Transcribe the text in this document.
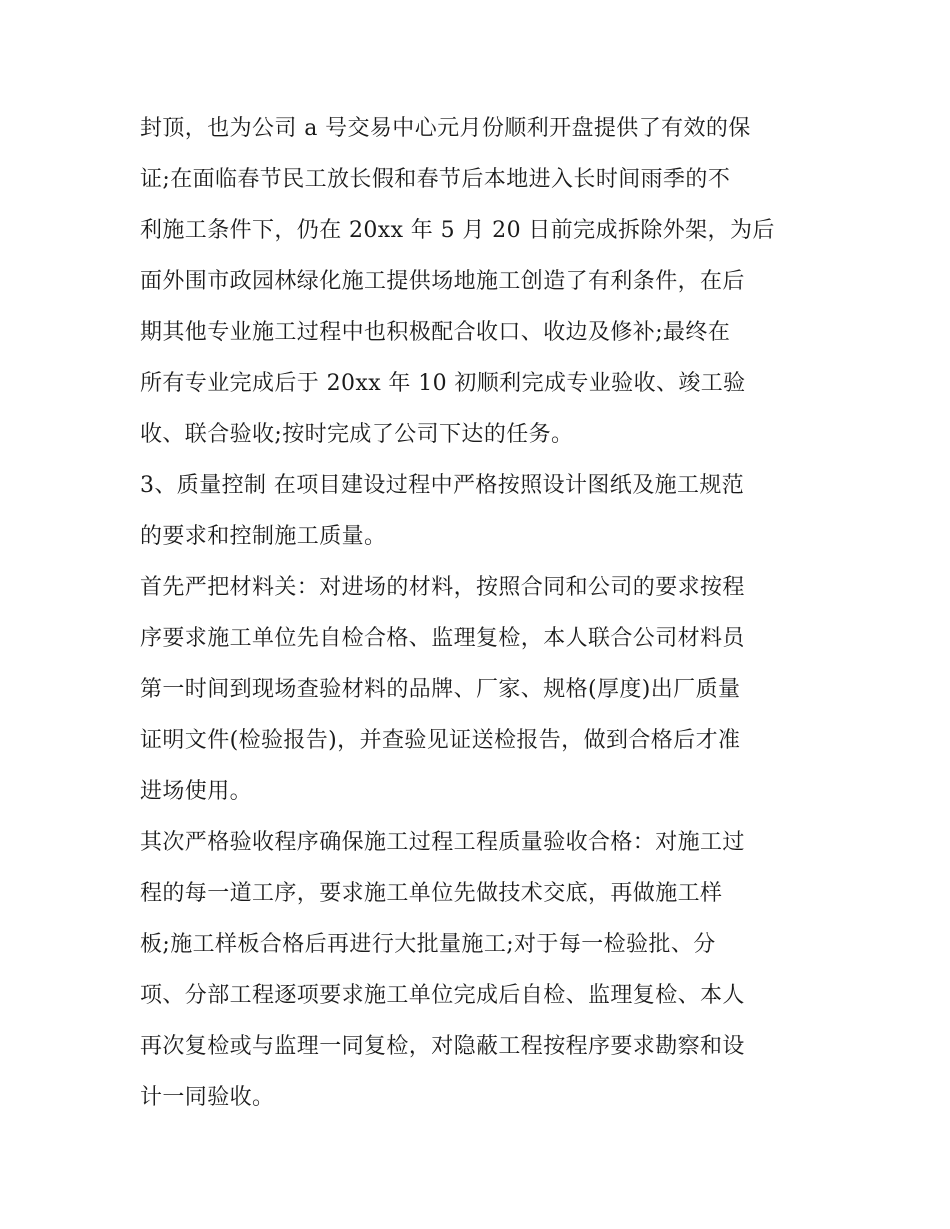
封顶，也为公司 a 号交易中心元月份顺利开盘提供了有效的保

证;在面临春节民工放长假和春节后本地进入长时间雨季的不

利施工条件下，仍在 20xx 年 5 月 20 日前完成拆除外架，为后

面外围市政园林绿化施工提供场地施工创造了有利条件，在后

期其他专业施工过程中也积极配合收口、收边及修补;最终在

所有专业完成后于 20xx 年 10 初顺利完成专业验收、竣工验

收、联合验收;按时完成了公司下达的任务。

3、质量控制 在项目建设过程中严格按照设计图纸及施工规范

的要求和控制施工质量。

首先严把材料关：对进场的材料，按照合同和公司的要求按程

序要求施工单位先自检合格、监理复检，本人联合公司材料员

第一时间到现场查验材料的品牌、厂家、规格(厚度)出厂质量

证明文件(检验报告)，并查验见证送检报告，做到合格后才准

进场使用。

其次严格验收程序确保施工过程工程质量验收合格：对施工过

程的每一道工序，要求施工单位先做技术交底，再做施工样

板;施工样板合格后再进行大批量施工;对于每一检验批、分

项、分部工程逐项要求施工单位完成后自检、监理复检、本人

再次复检或与监理一同复检，对隐蔽工程按程序要求勘察和设

计一同验收。
